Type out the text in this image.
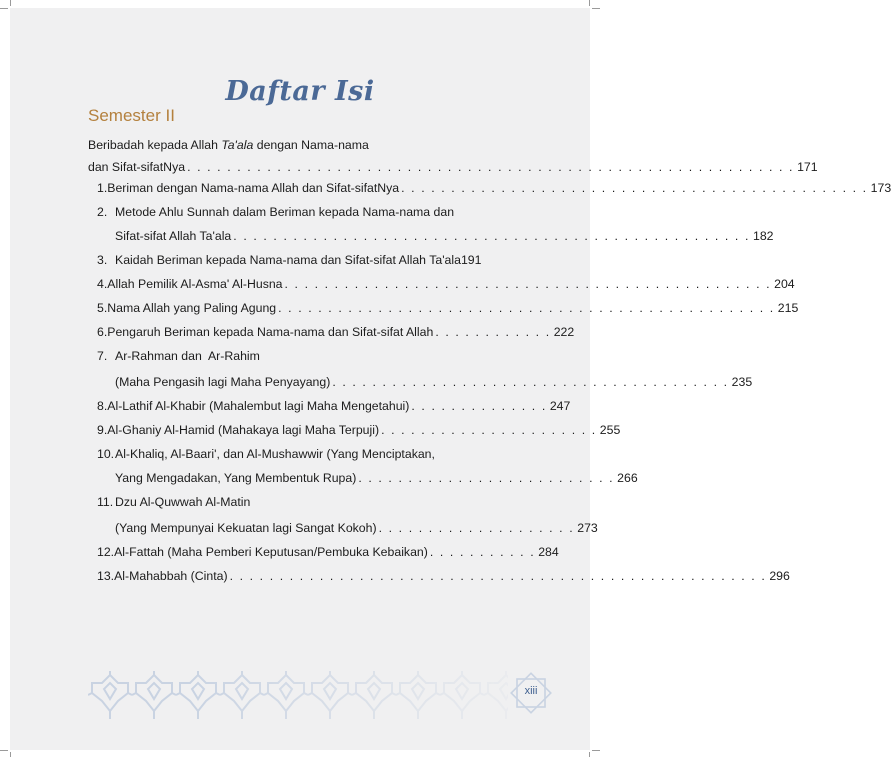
Daftar Isi
Semester II
Beribadah kepada Allah Ta'ala dengan Nama-nama
dan Sifat-sifatNya . . . . . . . . . . . . . . . . . . . . . . . . . . . . . . . . . . . . . . . . . . . . . . . . . . . . . . . . . . . . . 171
1. Beriman dengan Nama-nama Allah dan Sifat-sifatNya . . . . . . . . . . . . . . . . . . . . . . . . . . . . . . . . . . . . . . . . . . . . . . . 173
2. Metode Ahlu Sunnah dalam Beriman kepada Nama-nama dan
Sifat-sifat Allah Ta'ala . . . . . . . . . . . . . . . . . . . . . . . . . . . . . . . . . . . . . . . . . . . . . . . . . . . . 182
3. Kaidah Beriman kepada Nama-nama dan Sifat-sifat Allah Ta'ala191
4. Allah Pemilik Al-Asma' Al-Husna . . . . . . . . . . . . . . . . . . . . . . . . . . . . . . . . . . . . . . . . . . . . . . . . . 204
5. Nama Allah yang Paling Agung . . . . . . . . . . . . . . . . . . . . . . . . . . . . . . . . . . . . . . . . . . . . . . . . . . 215
6. Pengaruh Beriman kepada Nama-nama dan Sifat-sifat Allah . . . . . . . . . . . . 222
7. Ar-Rahman dan  Ar-Rahim
(Maha Pengasih lagi Maha Penyayang) . . . . . . . . . . . . . . . . . . . . . . . . . . . . . . . . . . . . . . . . 235
8. Al-Lathif Al-Khabir (Mahalembut lagi Maha Mengetahui) . . . . . . . . . . . . . . 247
9. Al-Ghaniy Al-Hamid (Mahakaya lagi Maha Terpuji) . . . . . . . . . . . . . . . . . . . . . . 255
10. Al-Khaliq, Al-Baari', dan Al-Mushawwir (Yang Menciptakan,
Yang Mengadakan, Yang Membentuk Rupa) . . . . . . . . . . . . . . . . . . . . . . . . . . 266
11. Dzu Al-Quwwah Al-Matin
(Yang Mempunyai Kekuatan lagi Sangat Kokoh) . . . . . . . . . . . . . . . . . . . . 273
12. Al-Fattah (Maha Pemberi Keputusan/Pembuka Kebaikan) . . . . . . . . . . . 284
13. Al-Mahabbah (Cinta) . . . . . . . . . . . . . . . . . . . . . . . . . . . . . . . . . . . . . . . . . . . . . . . . . . . . . . 296
xiii
